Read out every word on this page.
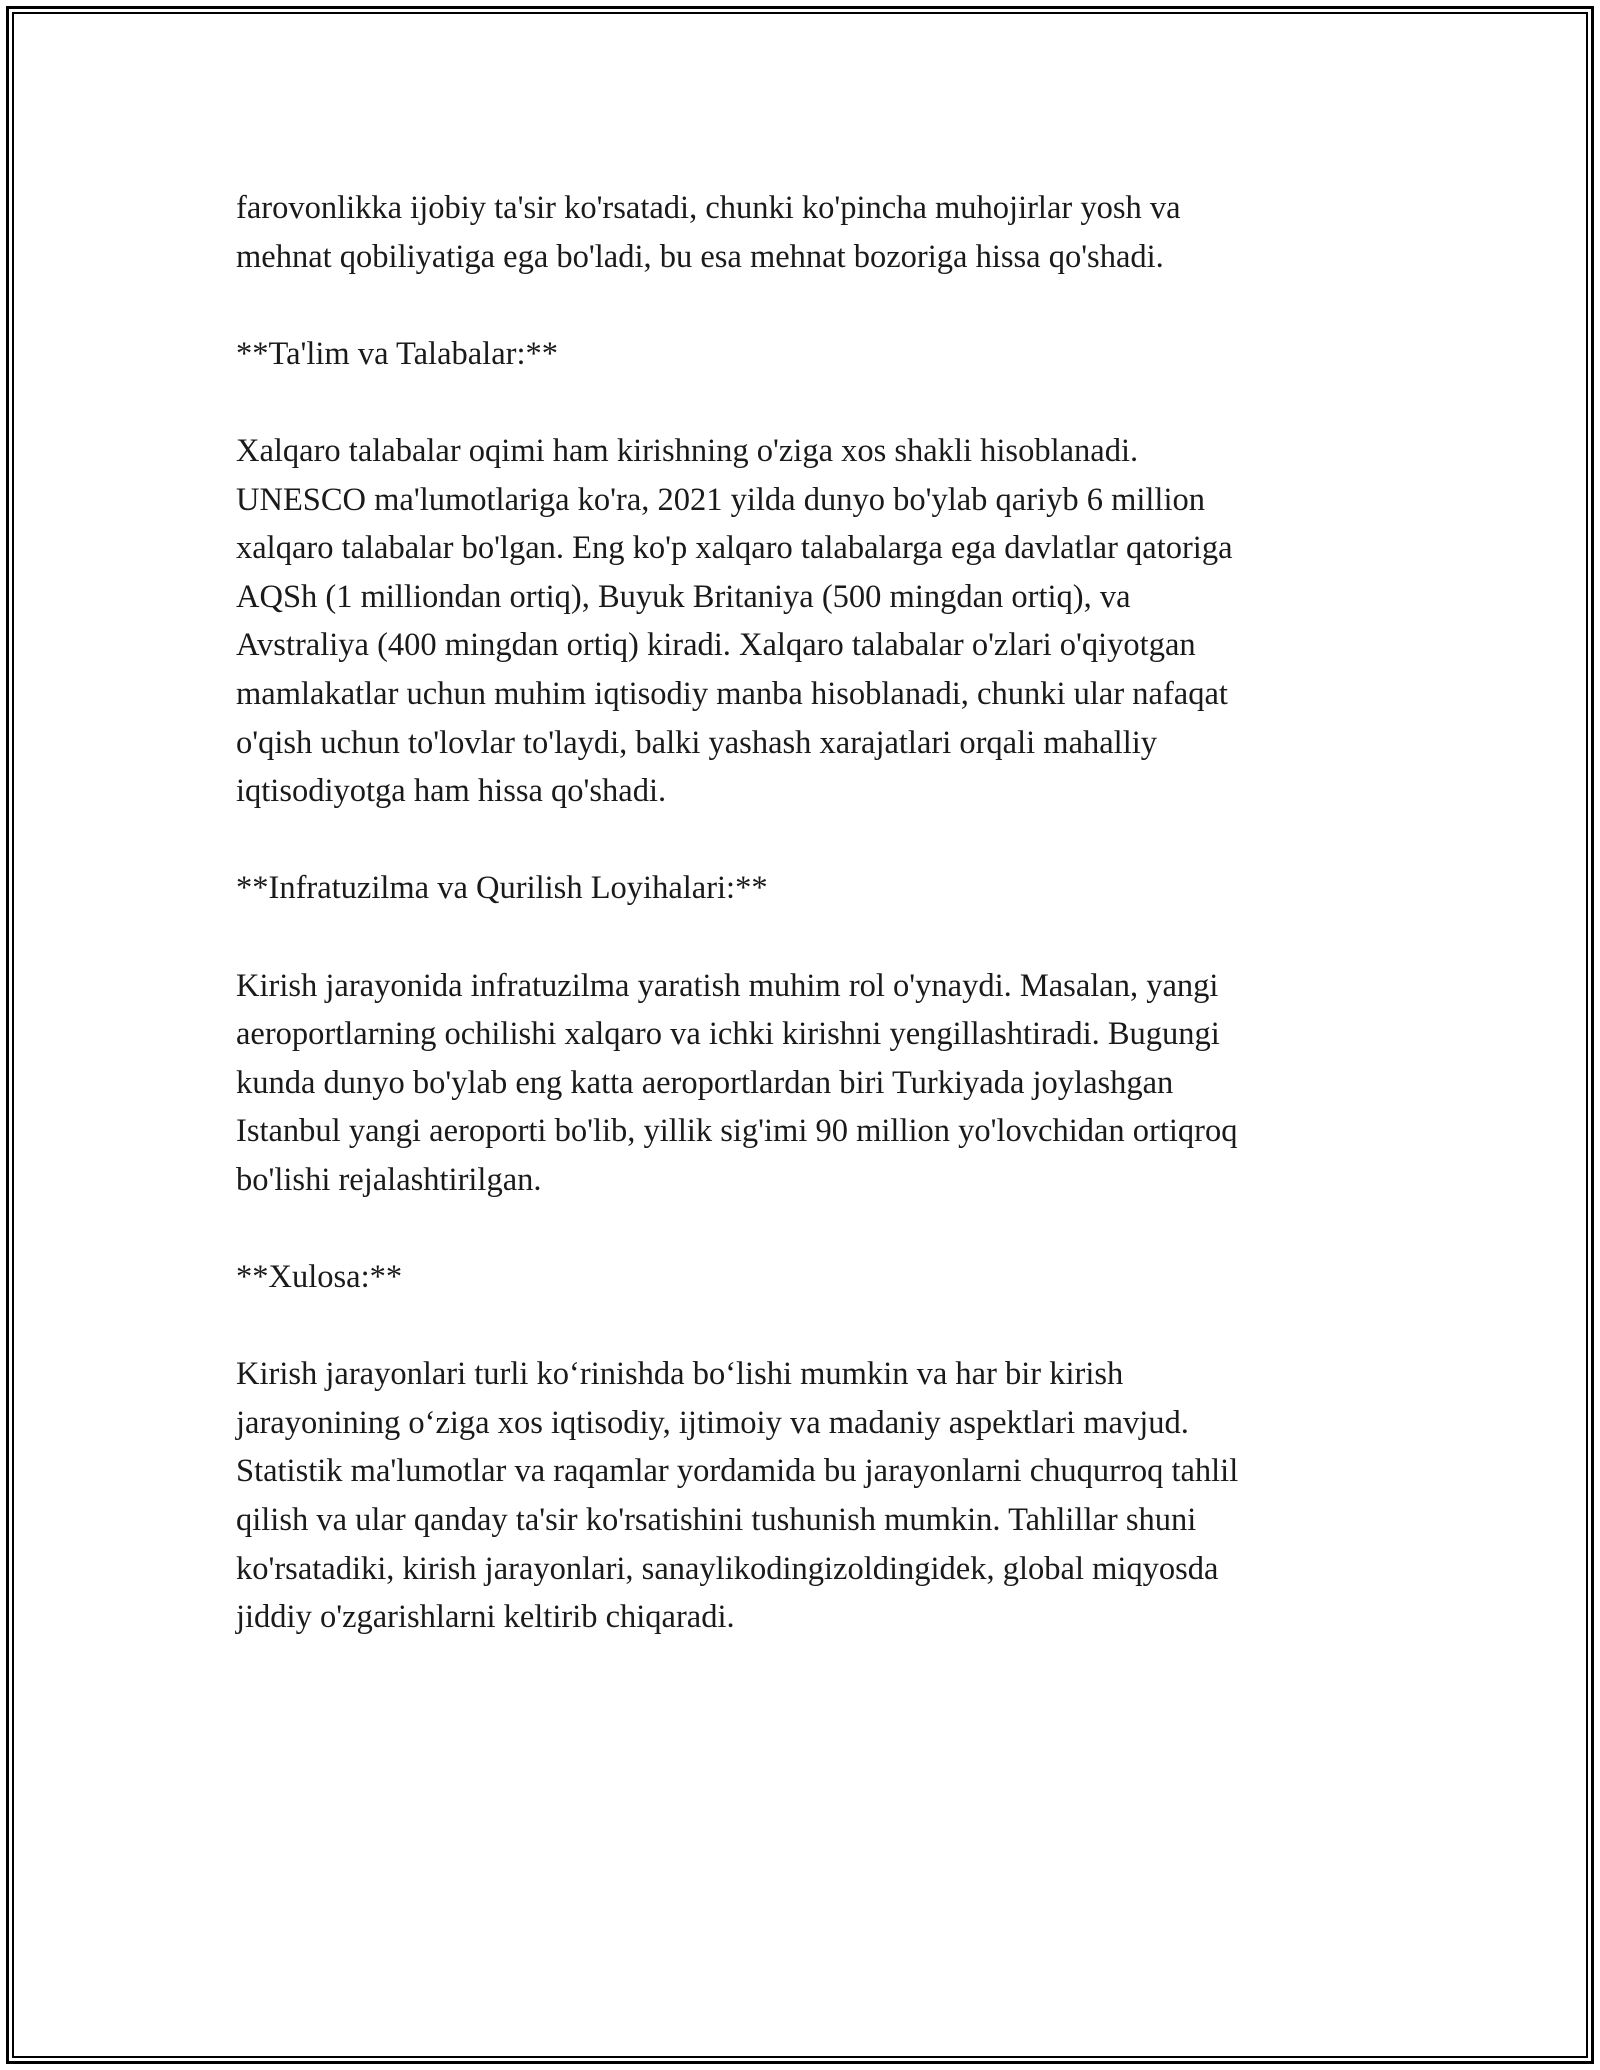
farovonlikka ijobiy ta'sir ko'rsatadi, chunki ko'pincha muhojirlar yosh va
mehnat qobiliyatiga ega bo'ladi, bu esa mehnat bozoriga hissa qo'shadi.

**Ta'lim va Talabalar:**

Xalqaro talabalar oqimi ham kirishning o'ziga xos shakli hisoblanadi.
UNESCO ma'lumotlariga ko'ra, 2021 yilda dunyo bo'ylab qariyb 6 million
xalqaro talabalar bo'lgan. Eng ko'p xalqaro talabalarga ega davlatlar qatoriga
AQSh (1 milliondan ortiq), Buyuk Britaniya (500 mingdan ortiq), va
Avstraliya (400 mingdan ortiq) kiradi. Xalqaro talabalar o'zlari o'qiyotgan
mamlakatlar uchun muhim iqtisodiy manba hisoblanadi, chunki ular nafaqat
o'qish uchun to'lovlar to'laydi, balki yashash xarajatlari orqali mahalliy
iqtisodiyotga ham hissa qo'shadi.

**Infratuzilma va Qurilish Loyihalari:**

Kirish jarayonida infratuzilma yaratish muhim rol o'ynaydi. Masalan, yangi
aeroportlarning ochilishi xalqaro va ichki kirishni yengillashtiradi. Bugungi
kunda dunyo bo'ylab eng katta aeroportlardan biri Turkiyada joylashgan
Istanbul yangi aeroporti bo'lib, yillik sig'imi 90 million yo'lovchidan ortiqroq
bo'lishi rejalashtirilgan.

**Xulosa:**

Kirish jarayonlari turli koʻrinishda boʻlishi mumkin va har bir kirish
jarayonining oʻziga xos iqtisodiy, ijtimoiy va madaniy aspektlari mavjud.
Statistik ma'lumotlar va raqamlar yordamida bu jarayonlarni chuqurroq tahlil
qilish va ular qanday ta'sir ko'rsatishini tushunish mumkin. Tahlillar shuni
ko'rsatadiki, kirish jarayonlari, sanaylikodingizoldingidek, global miqyosda
jiddiy o'zgarishlarni keltirib chiqaradi.
